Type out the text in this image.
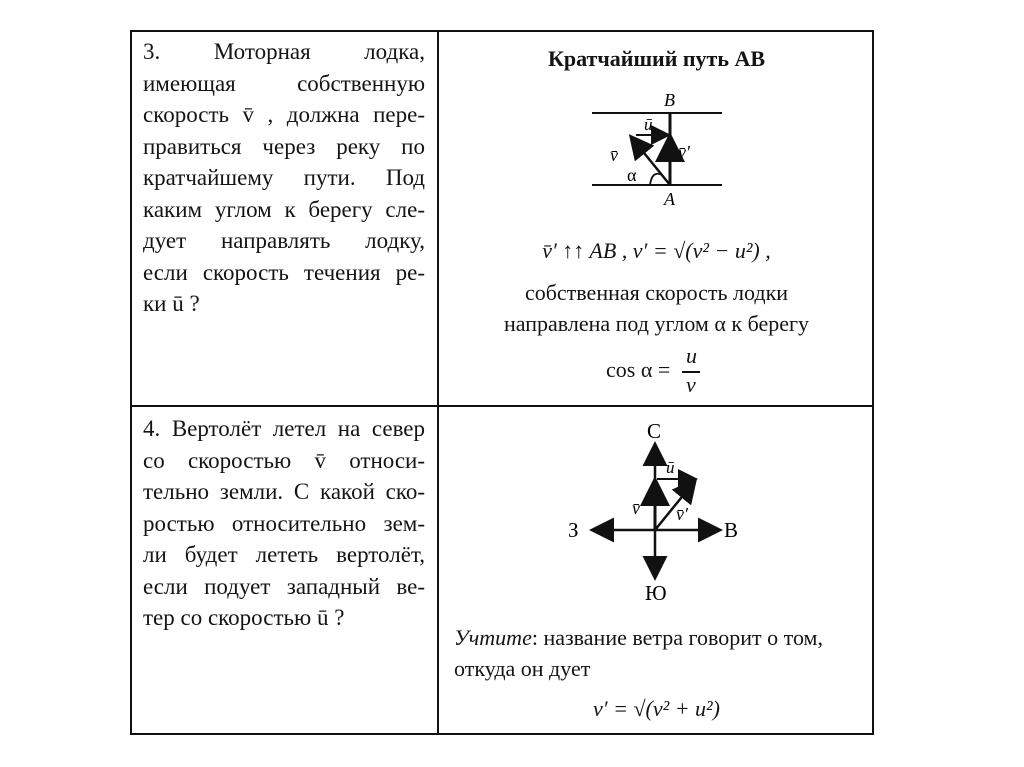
3. Моторная лодка,
имеющая собственную
скорость v̄ , должна пере-
правиться через реку по
кратчайшему пути. Под
каким углом к берегу сле-
дует направлять лодку,
если скорость течения ре-
ки ū ?
Кратчайший путь AB
B
A
ū
v̄	v̄′
α
v̄′ ↑↑ AB , v′ = √(v² − u²) ,
собственная скорость лодки
направлена под углом α к берегу
cos α =
u
v
4. Вертолёт летел на север
со скоростью v̄ относи-
тельно земли. С какой ско-
ростью относительно зем-
ли будет лететь вертолёт,
если подует западный ве-
тер со скоростью ū ?
С
Ю
З	В
ū
v̄ v̄′
Учтите: название ветра говорит о том,
откуда он дует
v′ = √(v² + u²)
